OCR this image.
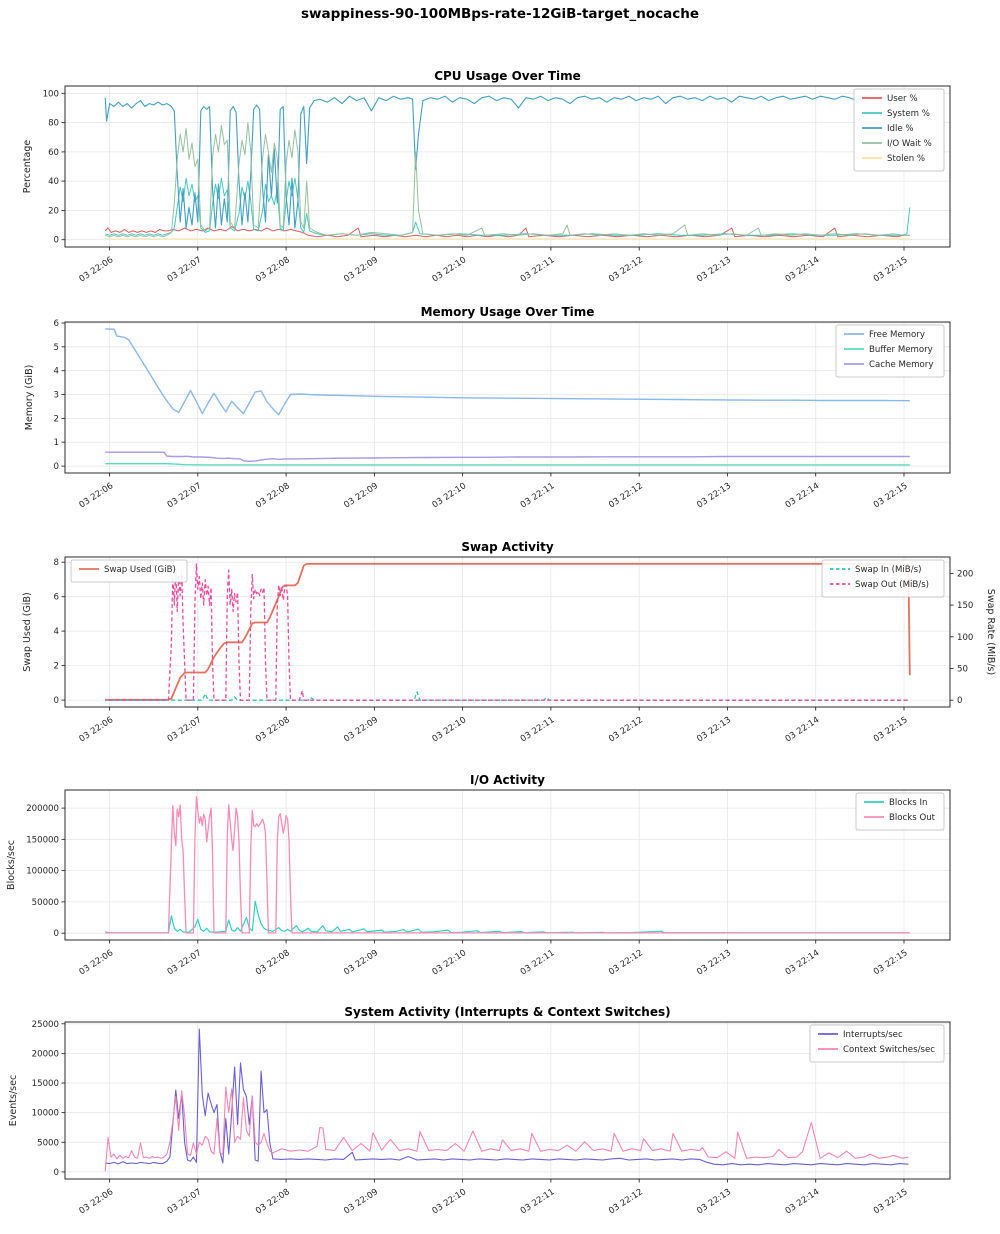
swappiness-90-100MBps-rate-12GiB-target_nocache
0
20
40
60
80
100
03 22:06	03 22:07	03 22:08	03 22:09	03 22:10	03 22:11	03 22:12	03 22:13	03 22:14	03 22:15
CPU Usage Over Time
Percentage
User %
System %
Idle %
I/O Wait %
Stolen %
0
1
2
3
4
5
6
03 22:06	03 22:07	03 22:08	03 22:09	03 22:10	03 22:11	03 22:12	03 22:13	03 22:14	03 22:15
Memory Usage Over Time
Memory (GiB)
Free Memory
Buffer Memory
Cache Memory
0
2
4
6
8
0
50
100
150
200
03 22:06	03 22:07	03 22:08	03 22:09	03 22:10	03 22:11	03 22:12	03 22:13	03 22:14	03 22:15
Swap Activity
Swap Used (GiB)	Swap Rate (MiB/s)
Swap Used (GiB)	Swap In (MiB/s)
Swap Out (MiB/s)
0
50000
100000
150000
200000
03 22:06	03 22:07	03 22:08	03 22:09	03 22:10	03 22:11	03 22:12	03 22:13	03 22:14	03 22:15
I/O Activity
Blocks/sec
Blocks In
Blocks Out
0
5000
10000
15000
20000
25000
03 22:06	03 22:07	03 22:08	03 22:09	03 22:10	03 22:11	03 22:12	03 22:13	03 22:14	03 22:15
System Activity (Interrupts & Context Switches)
Events/sec
Interrupts/sec
Context Switches/sec
